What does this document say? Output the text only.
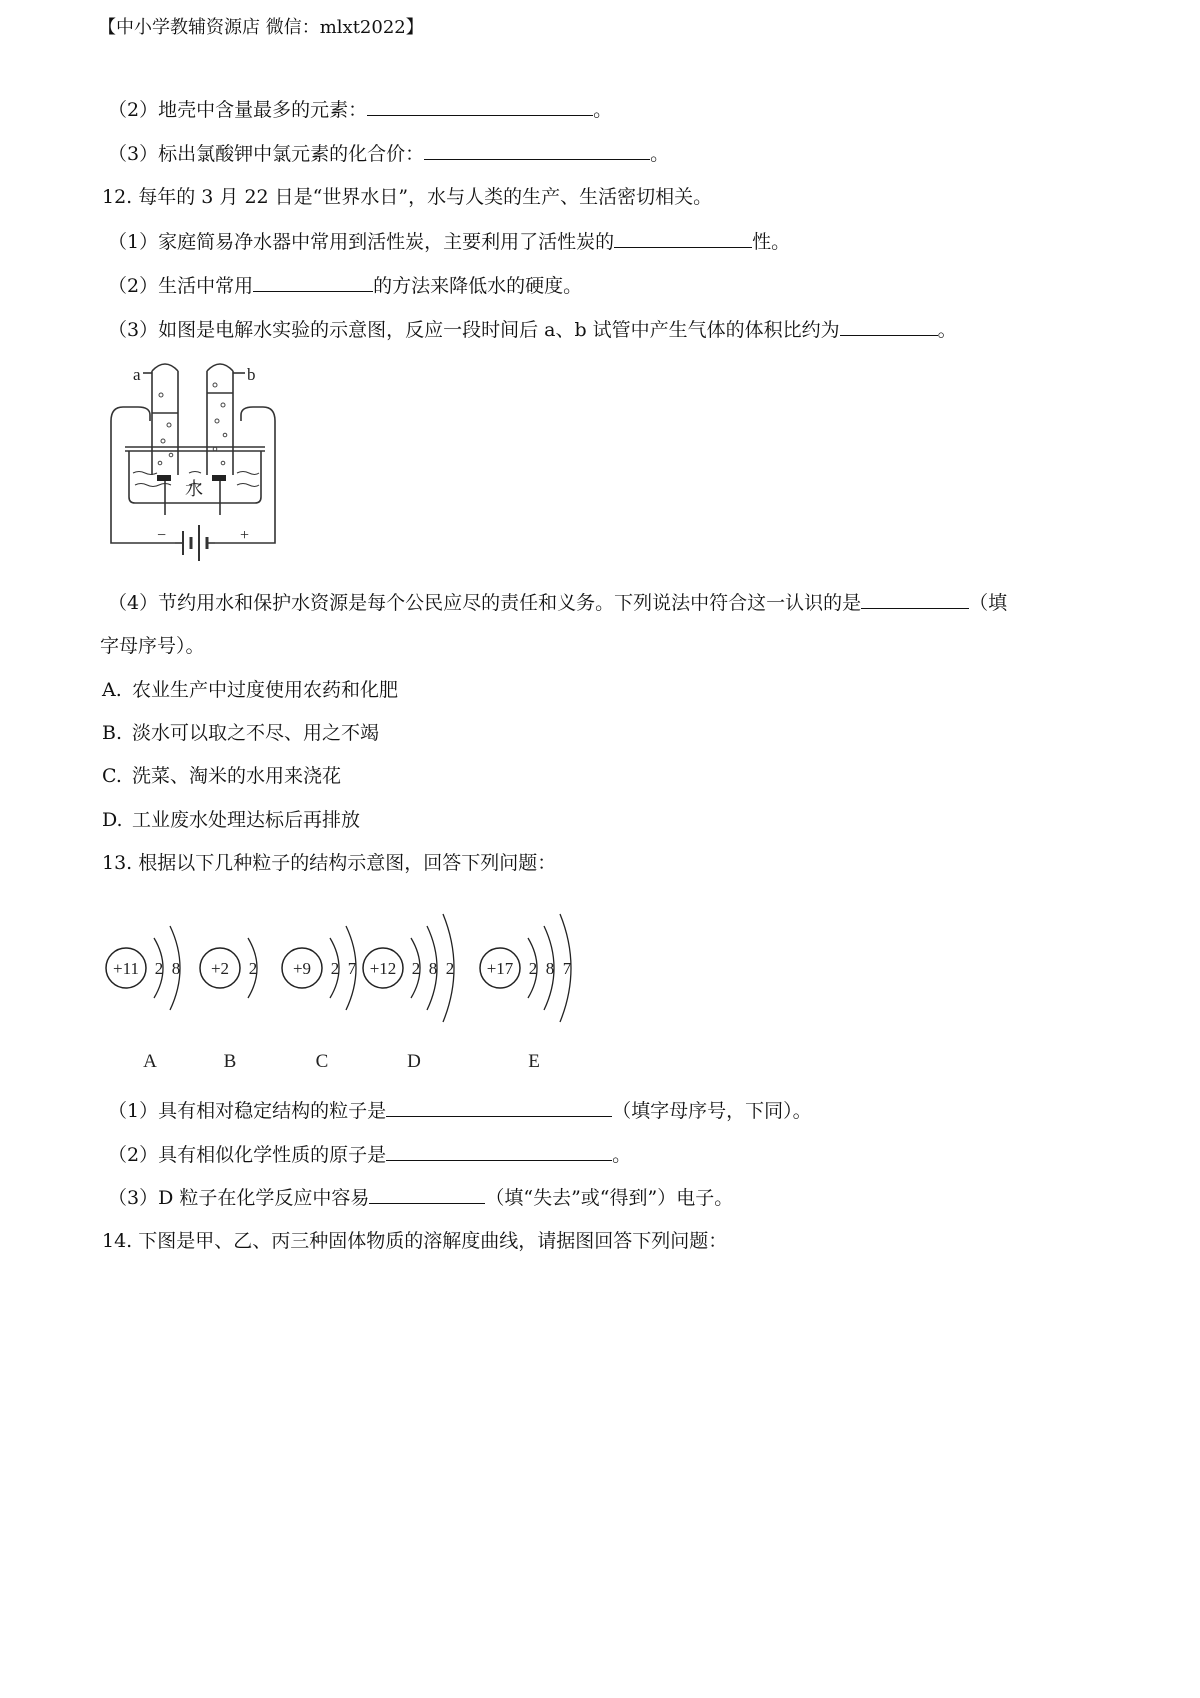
【中小学教辅资源店 微信：mlxt2022】
（2）地壳中含量最多的元素：	。
（3）标出氯酸钾中氯元素的化合价：	。
12. 每年的 3 月 22 日是“世界水日”，水与人类的生产、生活密切相关。
（1）家庭简易净水器中常用到活性炭，主要利用了活性炭的	性。
（2）生活中常用	的方法来降低水的硬度。
（3）如图是电解水实验的示意图，反应一段时间后 a、b 试管中产生气体的体积比约为	。
a	b
水
−	+
（4）节约用水和保护水资源是每个公民应尽的责任和义务。下列说法中符合这一认识的是	（填
字母序号）。
A. 农业生产中过度使用农药和化肥
B. 淡水可以取之不尽、用之不竭
C. 洗菜、淘米的水用来浇花
D. 工业废水处理达标后再排放
13. 根据以下几种粒子的结构示意图，回答下列问题：
+11 2 8
A
+2 2
B
+9 2 7
C
+12 2 8 2
D
+17 2 8 7
E
（1）具有相对稳定结构的粒子是	（填字母序号，下同）。
（2）具有相似化学性质的原子是	。
（3）D 粒子在化学反应中容易	（填“失去”或“得到”）电子。
14. 下图是甲、乙、丙三种固体物质的溶解度曲线，请据图回答下列问题：
